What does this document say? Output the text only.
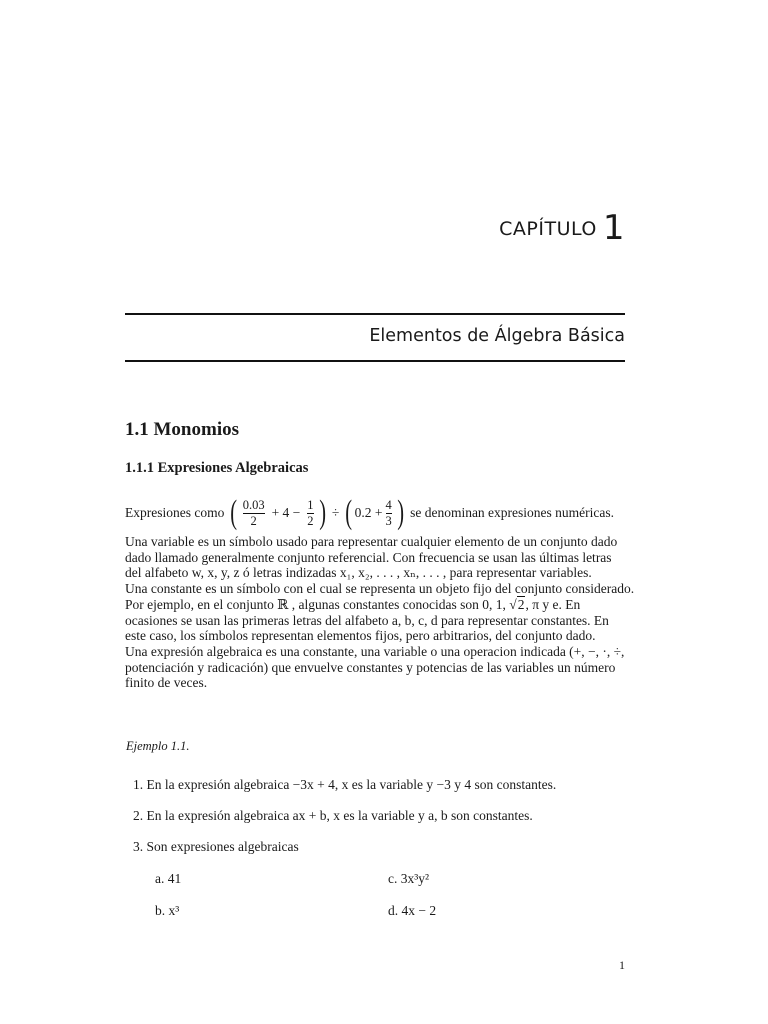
CAPÍTULO 1
Elementos de Álgebra Básica
1.1 Monomios
1.1.1 Expresiones Algebraicas
Expresiones como ( $\frac{0.03}{2} + 4 - \frac{1}{2}$ ) ÷ ( $0.2 + \frac{4}{3}$ ) se denominan expresiones numéricas.
Una variable es un símbolo usado para representar cualquier elemento de un conjunto dado
dado llamado generalmente conjunto referencial. Con frecuencia se usan las últimas letras
del alfabeto w, x, y, z ó letras indizadas x₁, x₂, . . . , xₙ, . . . , para representar variables.
Una constante es un símbolo con el cual se representa un objeto fijo del conjunto considerado.
Por ejemplo, en el conjunto ℝ , algunas constantes conocidas son 0, 1, √2, π y e. En
ocasiones se usan las primeras letras del alfabeto a, b, c, d para representar constantes. En
este caso, los símbolos representan elementos fijos, pero arbitrarios, del conjunto dado.
Una expresión algebraica es una constante, una variable o una operacion indicada (+, −, ·, ÷,
potenciación y radicación) que envuelve constantes y potencias de las variables un número
finito de veces.
Ejemplo 1.1.
1. En la expresión algebraica −3x + 4, x es la variable y −3 y 4 son constantes.
2. En la expresión algebraica ax + b, x es la variable y a, b son constantes.
3. Son expresiones algebraicas
a. 41
b. x³
c. 3x³y²
d. 4x − 2
1
